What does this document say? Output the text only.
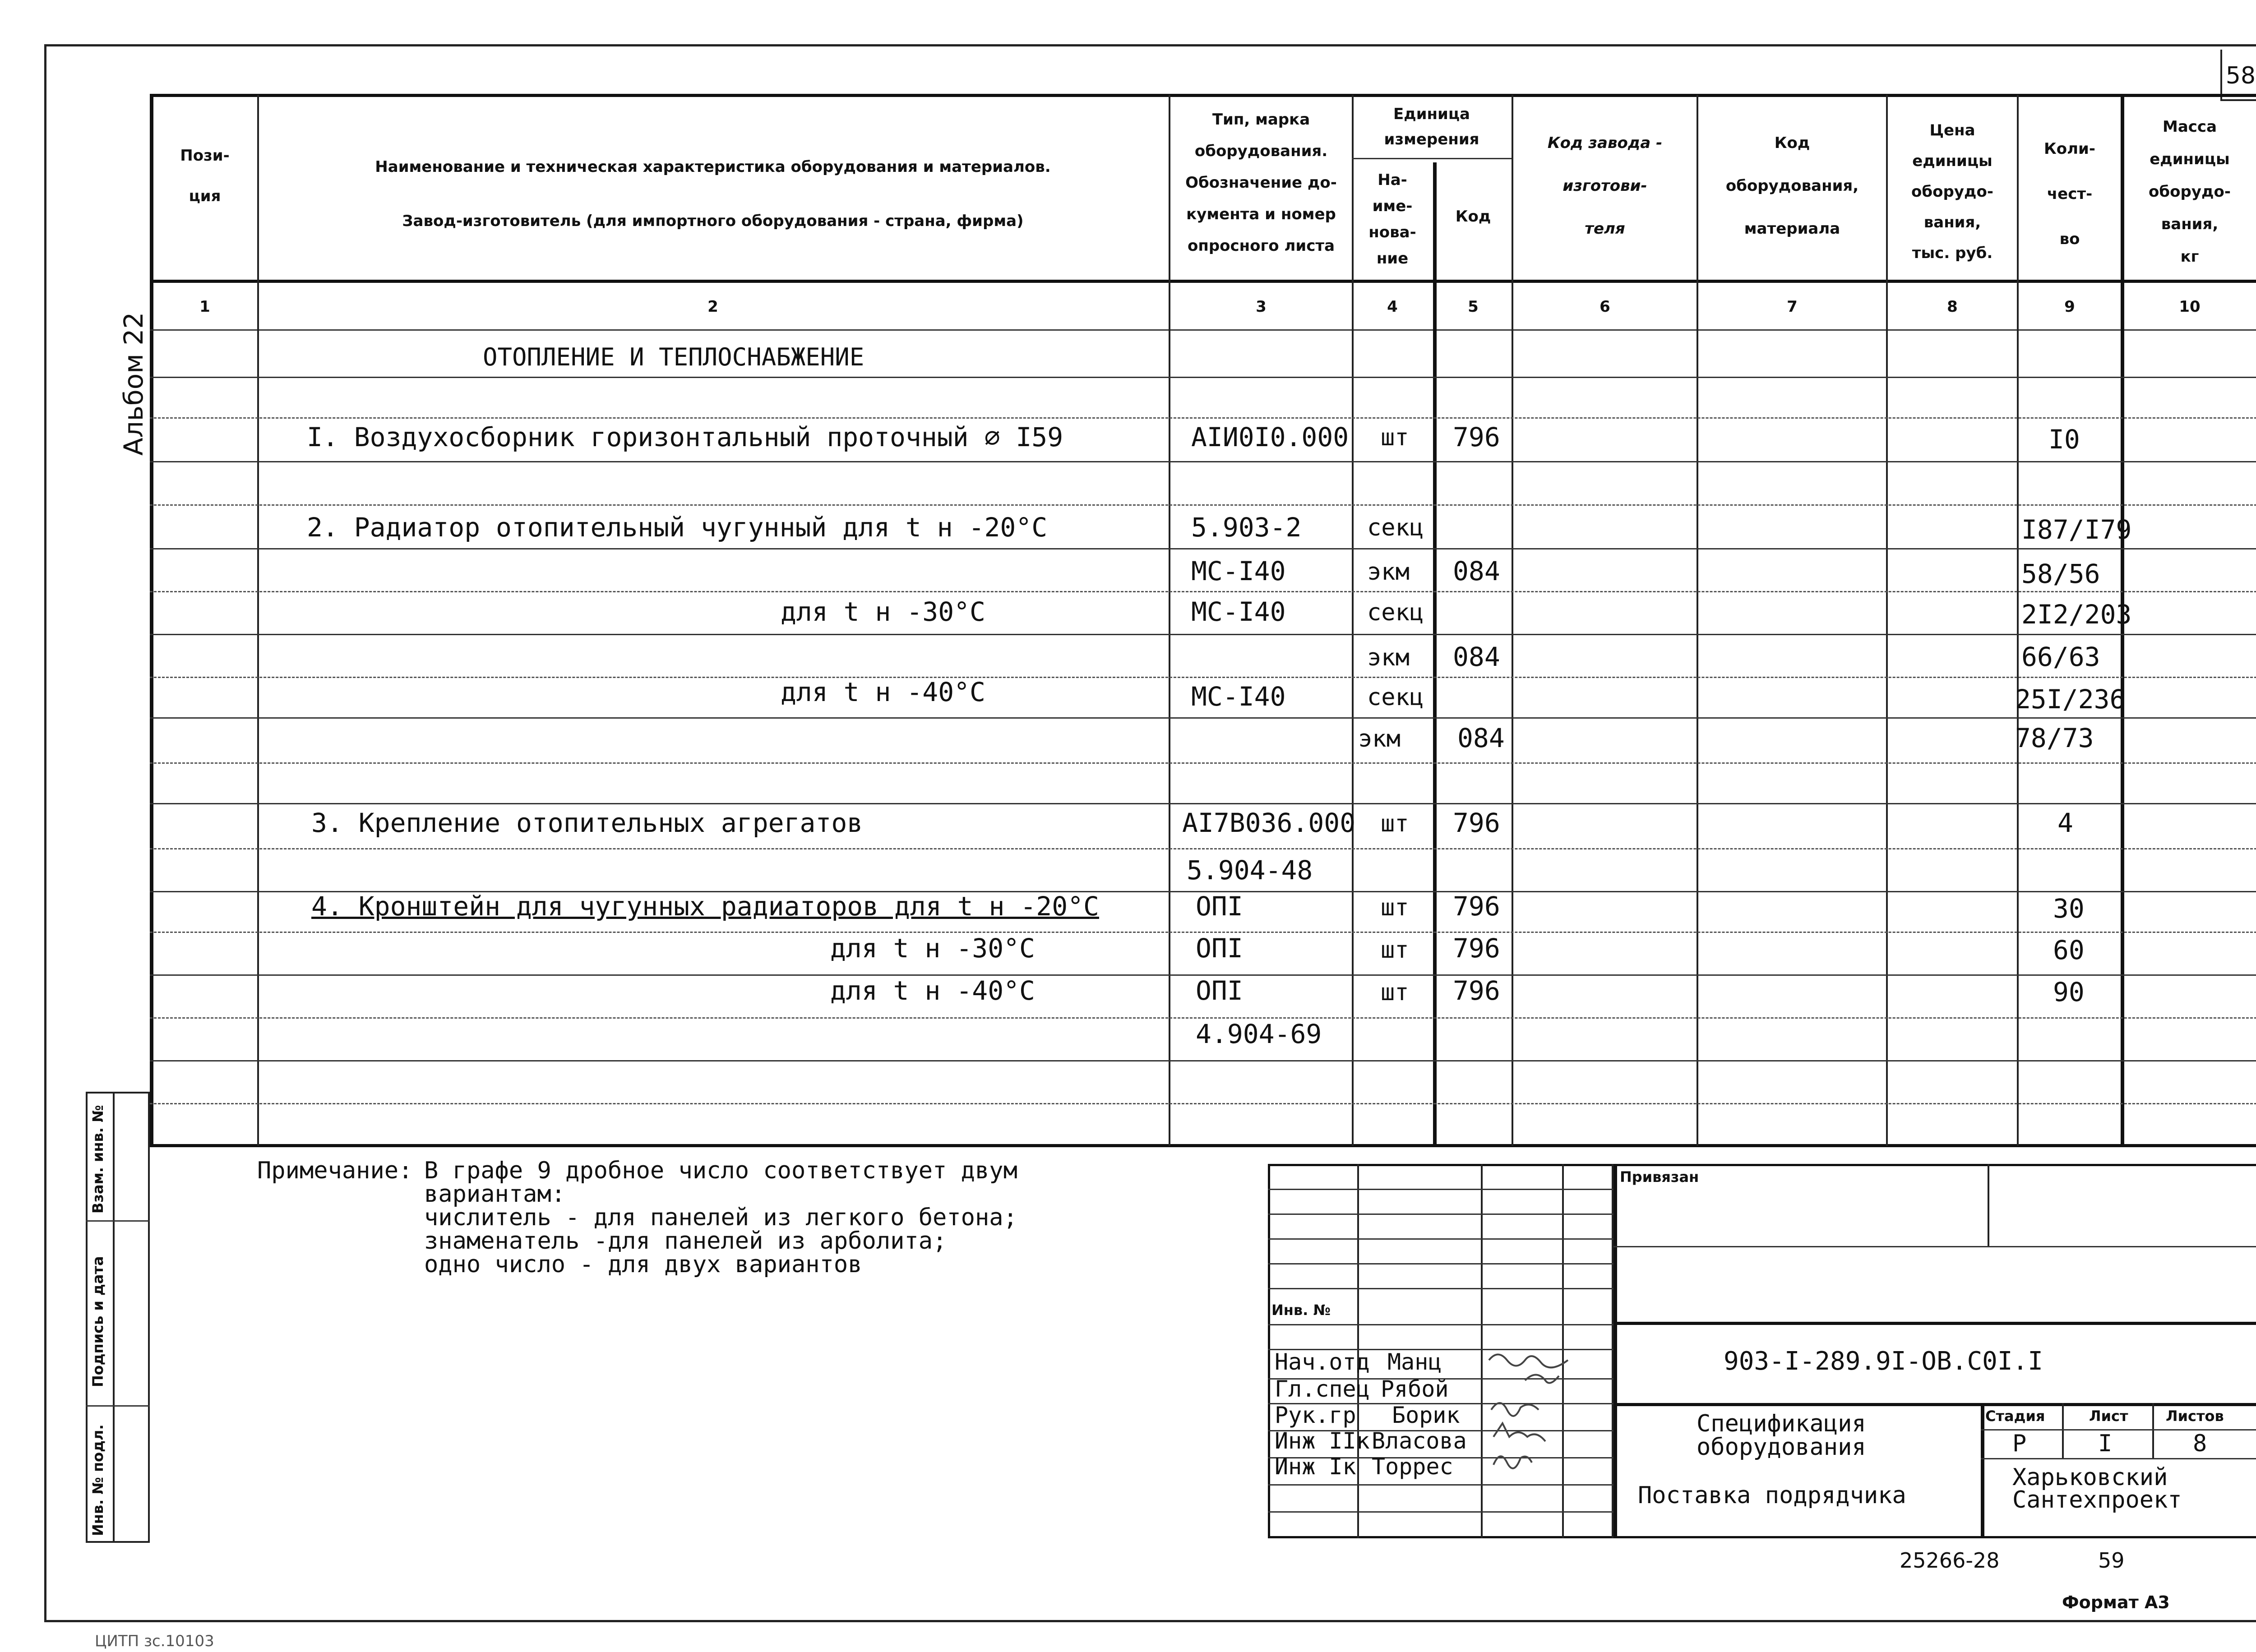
58
Альбом 22
Пози-
ция
Наименование и техническая характеристика оборудования и материалов.
Завод-изготовитель (для импортного оборудования - страна, фирма)
Тип, марка
оборудования.
Обозначение до-
кумента и номер
опросного листа
Единица
измерения
На-
име-
нова-
ние
Код
Код завода -
изготови-
теля
Код
оборудования,
материала
Цена
единицы
оборудо-
вания,
тыс. руб.
Коли-
чест-
во
Масса
единицы
оборудо-
вания,
кг
1	2	3	4	5	6	7	8	9	10
ОТОПЛЕНИЕ И ТЕПЛОСНАБЖЕНИЕ
I. Воздухосборник горизонтальный проточный ∅ I59	АIИ0I0.000 шт 796	I0
2. Радиатор отопительный чугунный для t н -20°С	5.903-2	секц	I87/I79
МС-I40	экм 084	58/56
для t н -30°С	МС-I40	секц	2I2/203
экм 084	66/63
для t н -40°С	МС-I40	секц	25I/236
экм 084	78/73
3. Крепление отопительных агрегатов	АI7В036.000 шт 796	4
5.904-48
4. Кронштейн для чугунных радиаторов для t н -20°С	ОПI	шт 796	30
для t н -30°С	ОПI	шт 796	60
для t н -40°С	ОПI	шт 796	90
4.904-69
Взам. инв. №
Подпись и дата
Инв. № подл.
Примечание: В графе 9 дробное число соответствует двум
вариантам:
числитель - для панелей из легкого бетона;
знаменатель -для панелей из арболита;
одно число - для двух вариантов
Инв. №
Привязан
903-I-289.9I-ОВ.С0I.I
Стадия	Лист	Листов
Р	I	8
Спецификация
оборудования
Поставка подрядчика
Харьковский
Сантехпроект
Нач.отд Манц
Гл.спец Рябой
Рук.гр Борик
Инж IIк Власова
Инж Iк Торрес
25266-28	59
Формат А3
ЦИТП зс.10103
